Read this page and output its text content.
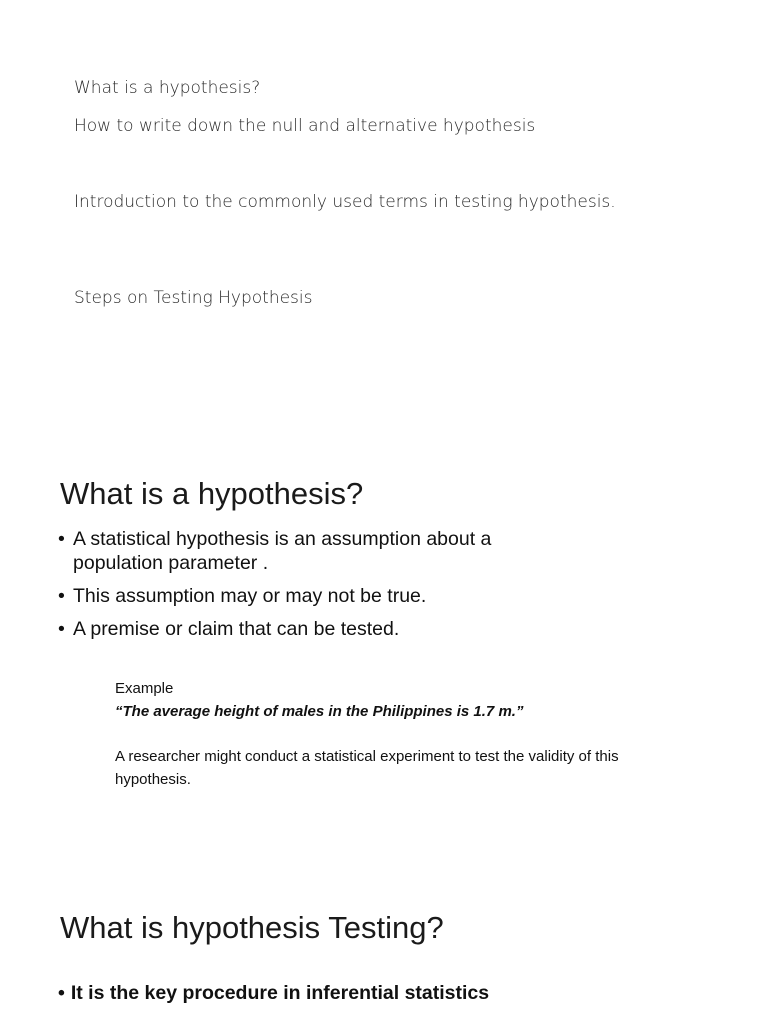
What is a hypothesis?
How to write down the null and alternative hypothesis
Introduction to the commonly used terms in testing hypothesis.
Steps on Testing Hypothesis
What is a hypothesis?
• A statistical hypothesis is an assumption about a population parameter .
• This assumption may or may not be true.
• A premise or claim that can be tested.
Example
“The average height of males in the Philippines is 1.7 m.”
A researcher might conduct a statistical experiment to test the validity of this hypothesis.
What is hypothesis Testing?
• It is the key procedure in inferential statistics
